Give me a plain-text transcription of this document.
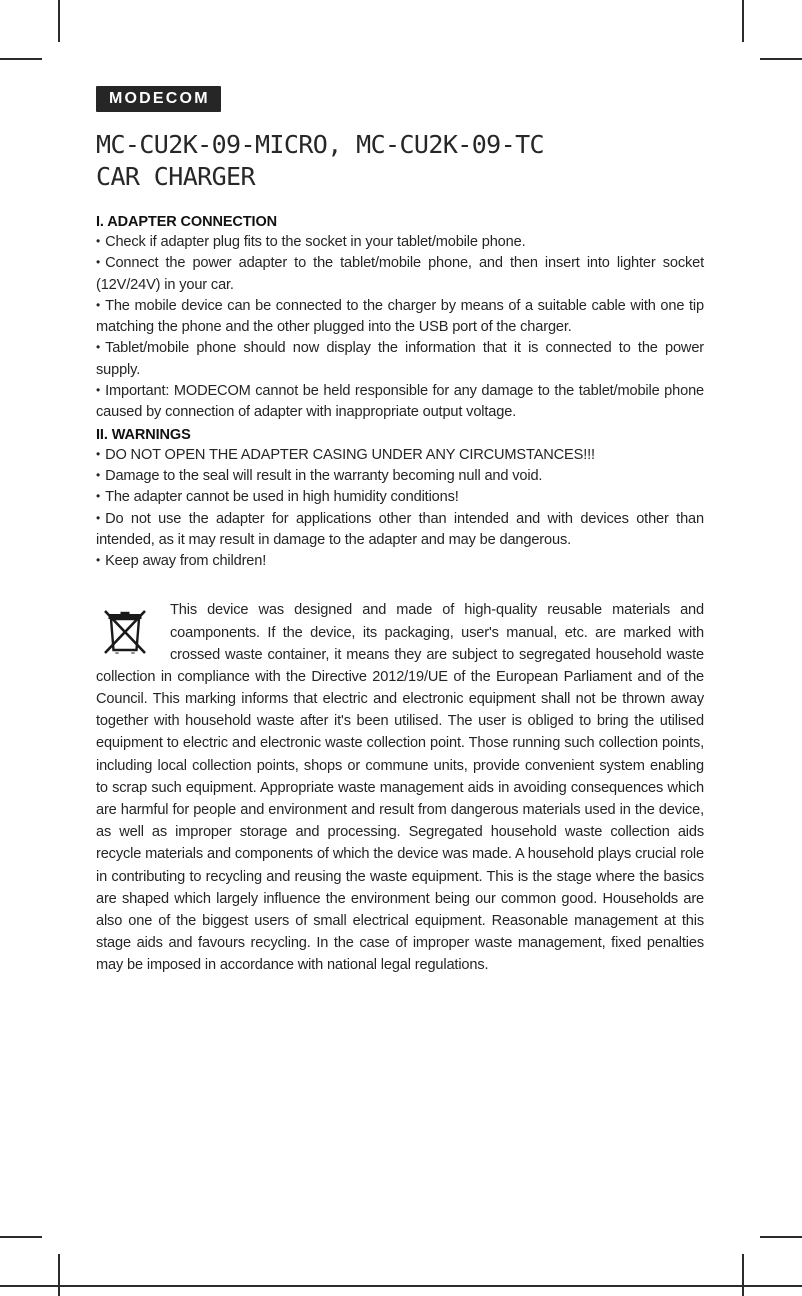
MODECOM
MC-CU2K-09-MICRO, MC-CU2K-09-TC
CAR CHARGER
I. ADAPTER CONNECTION

• Check if adapter plug fits to the socket in your tablet/mobile phone.

• Connect the power adapter to the tablet/mobile phone, and then insert into lighter socket (12V/24V) in your car.

• The mobile device can be connected to the charger by means of a suitable cable with one tip matching the phone and the other plugged into the USB port of the charger.

• Tablet/mobile phone should now display the information that it is connected to the power supply.

• Important: MODECOM cannot be held responsible for any damage to the tablet/mobile phone caused by connection of adapter with inappropriate output voltage.

II. WARNINGS

• DO NOT OPEN THE ADAPTER CASING UNDER ANY CIRCUMSTANCES!!!

• Damage to the seal will result in the warranty becoming null and void.

• The adapter cannot be used in high humidity conditions!

• Do not use the adapter for applications other than intended and with devices other than intended, as it may result in damage to the adapter and may be dangerous.

• Keep away from children!

This device was designed and made of high-quality reusable materials and coamponents. If the device, its packaging, user's manual, etc. are marked with crossed waste container, it means they are subject to segregated household waste collection in compliance with the Directive 2012/19/UE of the European Parliament and of the Council. This marking informs that electric and electronic equipment shall not be thrown away together with household waste after it's been utilised. The user is obliged to bring the utilised equipment to electric and electronic waste collection point. Those running such collection points, including local collection points, shops or commune units, provide convenient system enabling to scrap such equipment. Appropriate waste management aids in avoiding consequences which are harmful for people and environment and result from dangerous materials used in the device, as well as improper storage and processing. Segregated household waste collection aids recycle materials and components of which the device was made. A household plays crucial role in contributing to recycling and reusing the waste equipment. This is the stage where the basics are shaped which largely influence the environment being our common good. Households are also one of the biggest users of small electrical equipment. Reasonable management at this stage aids and favours recycling. In the case of improper waste management, fixed penalties may be imposed in accordance with national legal regulations.
